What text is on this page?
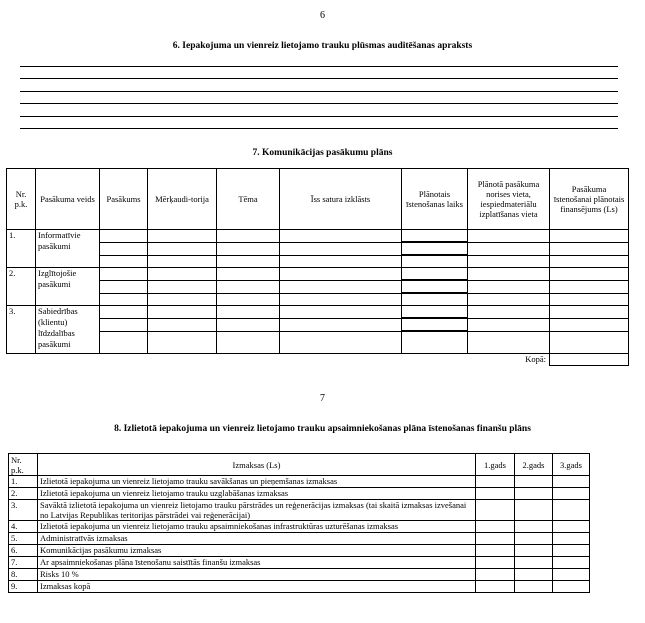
6
6. Iepakojuma un vienreiz lietojamo trauku plūsmas auditēšanas apraksts
7. Komunikācijas pasākumu plāns
Nr. p.k.	Pasākuma veids	Pasākums	Mērķaudi-torija	Tēma	Īss satura izklāsts	Plānotais īstenošanas laiks	Plānotā pasākuma norises vieta, iespiedmateriālu izplatīšanas vieta	Pasākuma īstenošanai plānotais finansējums (Ls)
1.	Informatīvie pasākumi							

2.	Izglītojošie pasākumi							

3.	Sabiedrības (klientu) līdzdalības pasākumi							

Kopā:								
7
8. Izlietotā iepakojuma un vienreiz lietojamo trauku apsaimniekošanas plāna īstenošanas finanšu plāns
Nr. p.k.	Izmaksas (Ls)	1.gads	2.gads	3.gads
1.	Izlietotā iepakojuma un vienreiz lietojamo trauku savākšanas un pieņemšanas izmaksas			
2.	Izlietotā iepakojuma un vienreiz lietojamo trauku uzglabāšanas izmaksas			
3.	Savāktā izlietotā iepakojuma un vienreiz lietojamo trauku pārstrādes un reģenerācijas izmaksas (tai skaitā izmaksas izvešanai no Latvijas Republikas teritorijas pārstrādei vai reģenerācijai)			
4.	Izlietotā iepakojuma un vienreiz lietojamo trauku apsaimniekošanas infrastruktūras uzturēšanas izmaksas			
5.	Administratīvās izmaksas			
6.	Komunikācijas pasākumu izmaksas			
7.	Ar apsaimniekošanas plāna īstenošanu saistītās finanšu izmaksas			
8.	Risks 10 %			
9.	Izmaksas kopā			
